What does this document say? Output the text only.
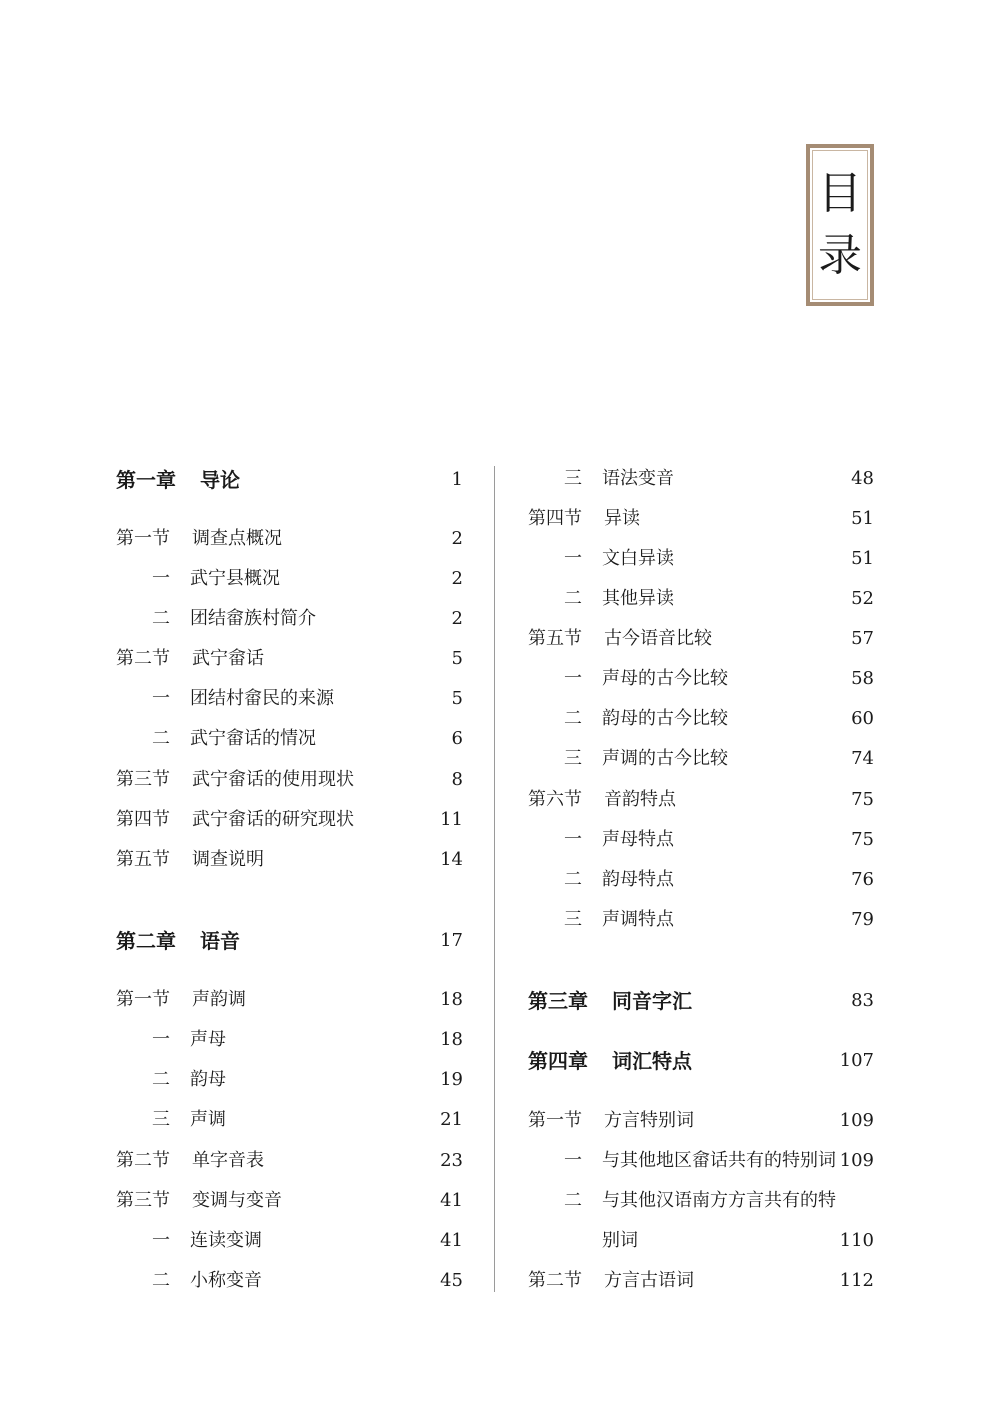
目
录
第一章 导论	1
第一节 调查点概况	2
一 武宁县概况	2
二 团结畲族村简介	2
第二节 武宁畲话	5
一 团结村畲民的来源	5
二 武宁畲话的情况	6
第三节 武宁畲话的使用现状	8
第四节 武宁畲话的研究现状	11
第五节 调查说明	14
第二章 语音	17
第一节 声韵调	18
一 声母	18
二 韵母	19
三 声调	21
第二节 单字音表	23
第三节 变调与变音	41
一 连读变调	41
二 小称变音	45
三 语法变音	48
第四节 异读	51
一 文白异读	51
二 其他异读	52
第五节 古今语音比较	57
一 声母的古今比较	58
二 韵母的古今比较	60
三 声调的古今比较	74
第六节 音韵特点	75
一 声母特点	75
二 韵母特点	76
三 声调特点	79
第三章 同音字汇	83
第四章 词汇特点	107
第一节 方言特别词	109
一 与其他地区畲话共有的特别词 109
二 与其他汉语南方方言共有的特
别词	110
第二节 方言古语词	112
